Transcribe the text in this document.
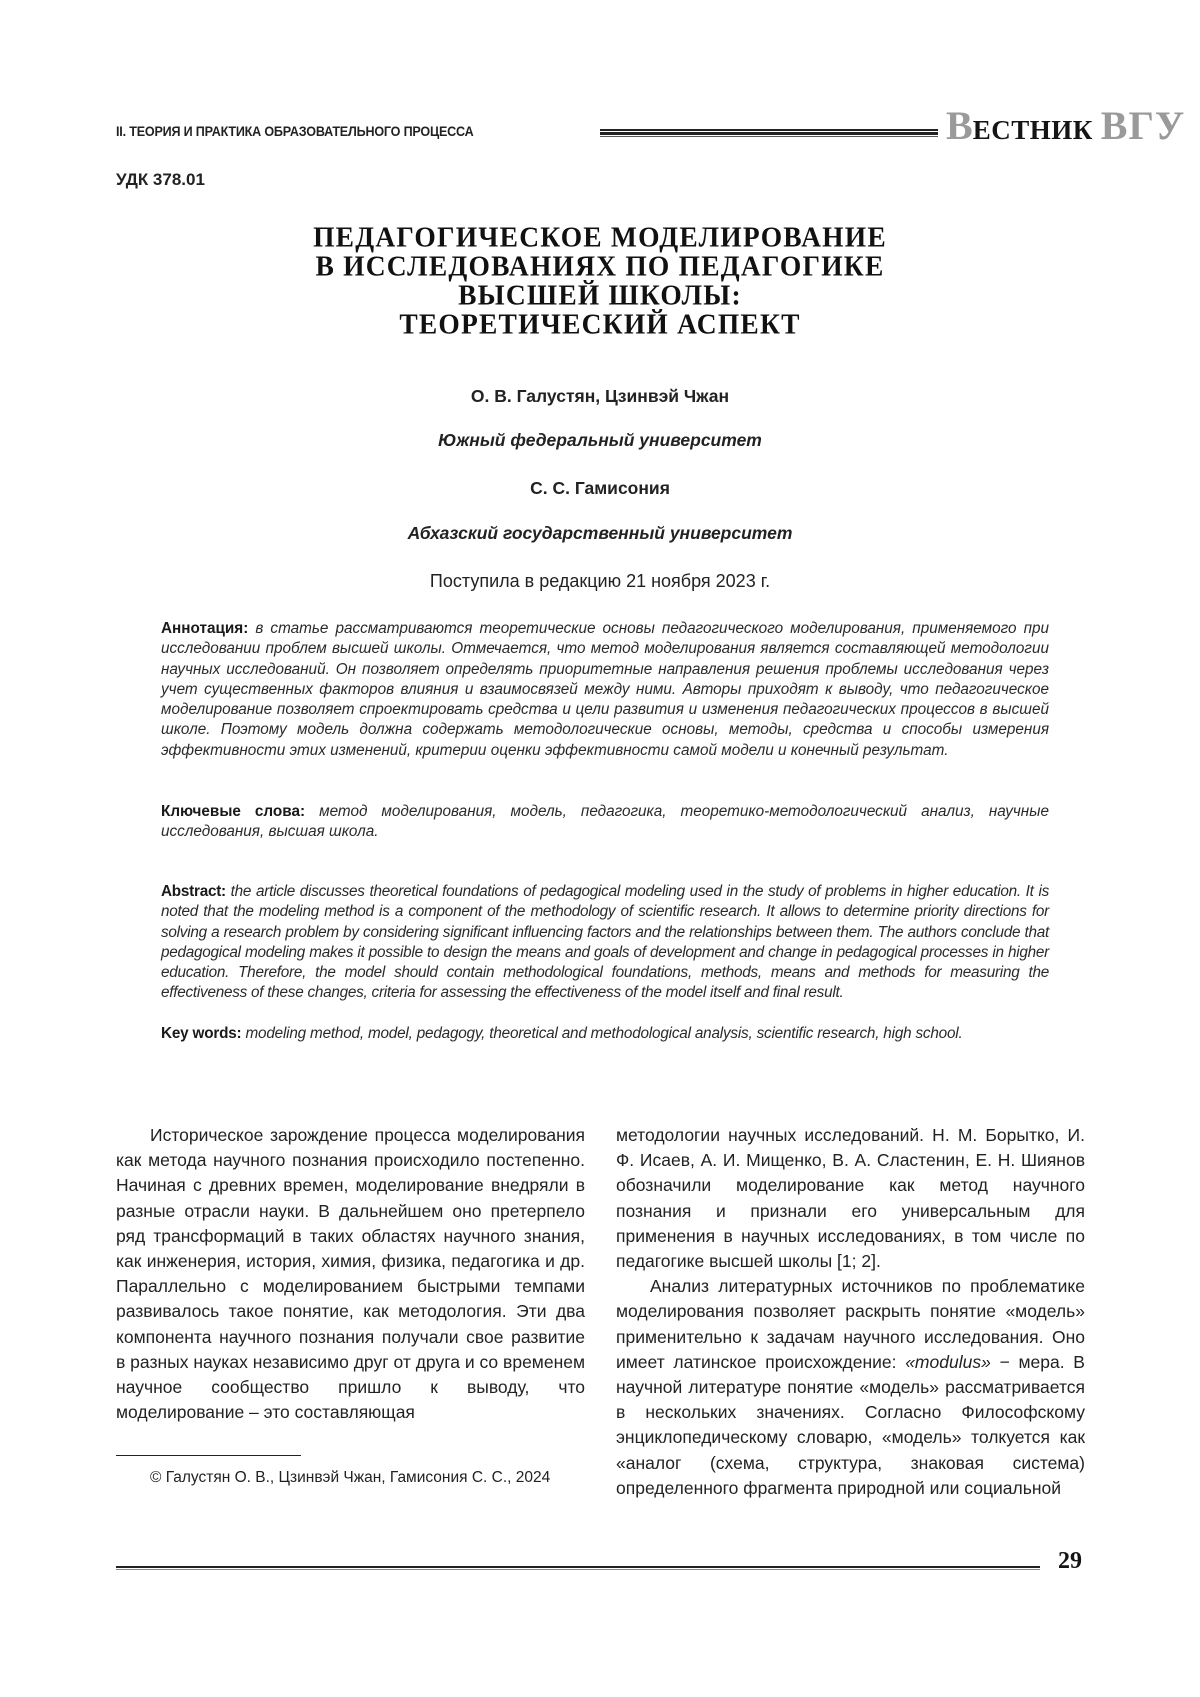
II. ТЕОРИЯ И ПРАКТИКА ОБРАЗОВАТЕЛЬНОГО ПРОЦЕССА	ВЕСТНИК ВГУ
УДК 378.01
ПЕДАГОГИЧЕСКОЕ МОДЕЛИРОВАНИЕ
В ИССЛЕДОВАНИЯХ ПО ПЕДАГОГИКЕ
ВЫСШЕЙ ШКОЛЫ:
ТЕОРЕТИЧЕСКИЙ АСПЕКТ
О. В. Галустян, Цзинвэй Чжан
Южный федеральный университет
С. С. Гамисония
Абхазский государственный университет
Поступила в редакцию 21 ноября 2023 г.
Аннотация: в статье рассматриваются теоретические основы педагогического моделирования, применяемого при исследовании проблем высшей школы. Отмечается, что метод моделирования является составляющей методологии научных исследований. Он позволяет определять приоритетные направления решения проблемы исследования через учет существенных факторов влияния и взаимосвязей между ними. Авторы приходят к выводу, что педагогическое моделирование позволяет спроектировать средства и цели развития и изменения педагогических процессов в высшей школе. Поэтому модель должна содержать методологические основы, методы, средства и способы измерения эффективности этих изменений, критерии оценки эффективности самой модели и конечный результат.
Ключевые слова: метод моделирования, модель, педагогика, теоретико-методологический анализ, научные исследования, высшая школа.
Abstract: the article discusses theoretical foundations of pedagogical modeling used in the study of problems in higher education. It is noted that the modeling method is a component of the methodology of scientific research. It allows to determine priority directions for solving a research problem by considering significant influencing factors and the relationships between them. The authors conclude that pedagogical modeling makes it possible to design the means and goals of development and change in pedagogical processes in higher education. Therefore, the model should contain methodological foundations, methods, means and methods for measuring the effectiveness of these changes, criteria for assessing the effectiveness of the model itself and final result.
Key words: modeling method, model, pedagogy, theoretical and methodological analysis, scientific research, high school.

Историческое зарождение процесса моделирования как метода научного познания происходило постепенно. Начиная с древних времен, моделирование внедряли в разные отрасли науки. В дальнейшем оно претерпело ряд трансформаций в таких областях научного знания, как инженерия, история, химия, физика, педагогика и др. Параллельно с моделированием быстрыми темпами развивалось такое понятие, как методология. Эти два компонента научного познания получали свое развитие в разных науках независимо друг от друга и со временем научное сообщество пришло к выводу, что моделирование – это составляющая

методологии научных исследований. Н. М. Борытко, И. Ф. Исаев, А. И. Мищенко, В. А. Сластенин, Е. Н. Шиянов обозначили моделирование как метод научного познания и признали его универсальным для применения в научных исследованиях, в том числе по педагогике высшей школы [1; 2].

Анализ литературных источников по проблематике моделирования позволяет раскрыть понятие «модель» применительно к задачам научного исследования. Оно имеет латинское происхождение: «modulus» − мера. В научной литературе понятие «модель» рассматривается в нескольких значениях. Согласно Философскому энциклопедическому словарю, «модель» толкуется как «аналог (схема, структура, знаковая система) определенного фрагмента природной или социальной

© Галустян О. В., Цзинвэй Чжан, Гамисония С. С., 2024
29
